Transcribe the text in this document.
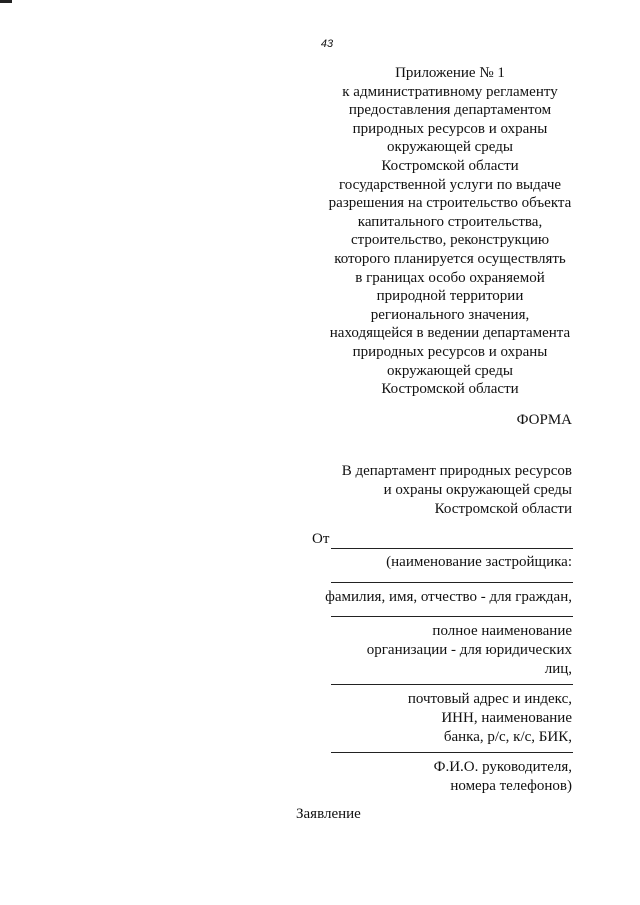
43
Приложение № 1
к административному регламенту
предоставления департаментом
природных ресурсов и охраны
окружающей среды
Костромской области
государственной услуги по выдаче
разрешения на строительство объекта
капитального строительства,
строительство, реконструкцию
которого планируется осуществлять
в границах особо охраняемой
природной территории
регионального значения,
находящейся в ведении департамента
природных ресурсов и охраны
окружающей среды
Костромской области
ФОРМА
В департамент природных ресурсов
и охраны окружающей среды
Костромской области
От
(наименование застройщика:
фамилия, имя, отчество - для граждан,
полное наименование
организации - для юридических
лиц,
почтовый адрес и индекс,
ИНН, наименование
банка, р/с, к/с, БИК,
Ф.И.О. руководителя,
номера телефонов)
Заявление
